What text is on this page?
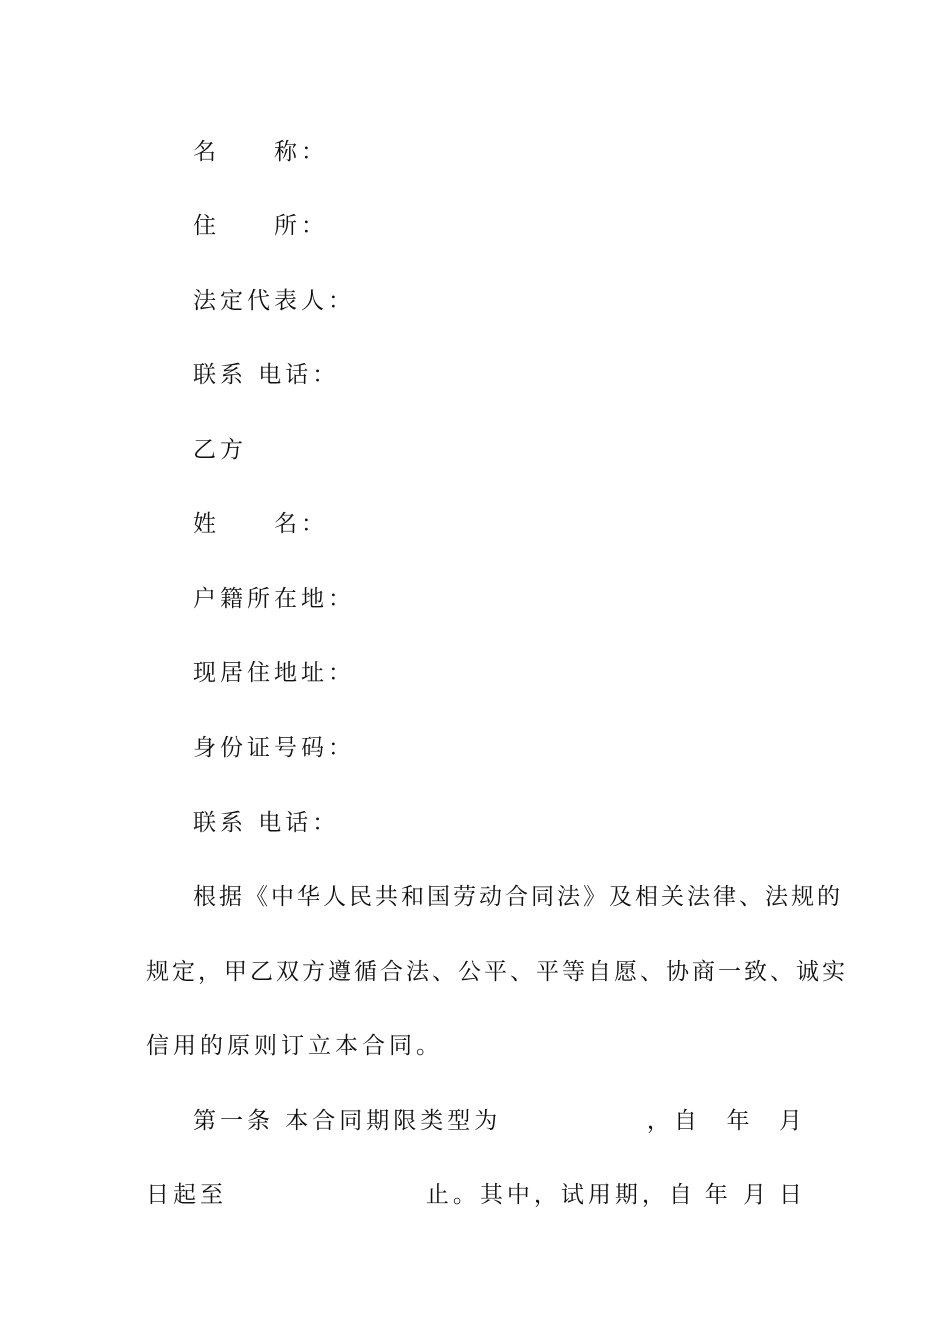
名　　称：
住　　所：
法定代表人：
联系 电话：
乙方
姓　　名：
户籍所在地：
现居住地址：
身份证号码：
联系 电话：
根据《中华人民共和国劳动合同法》及相关法律、法规的
规定，甲乙双方遵循合法、公平、平等自愿、协商一致、诚实
信用的原则订立本合同。
第一条 本合同期限类型为	，自 年 月
日起至	止。其中，试用期，自 年 月 日
